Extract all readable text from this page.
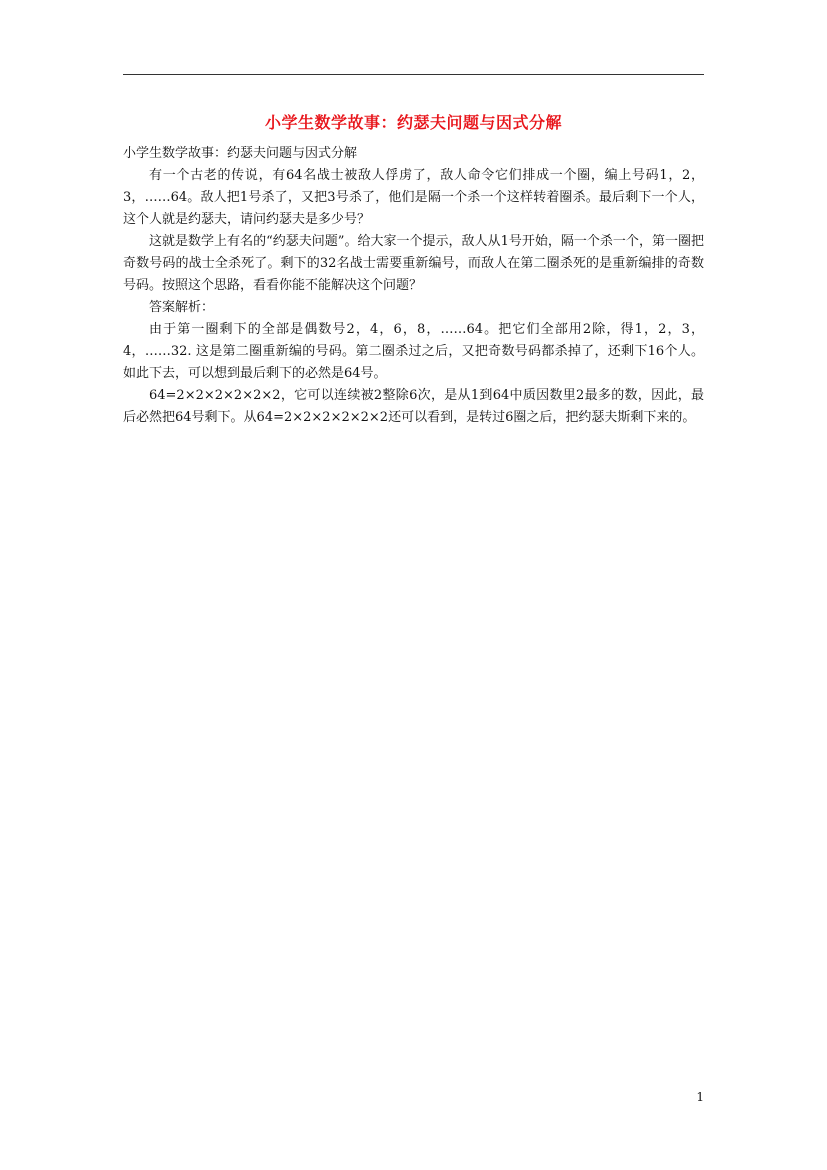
小学生数学故事：约瑟夫问题与因式分解

小学生数学故事：约瑟夫问题与因式分解

有一个古老的传说，有64名战士被敌人俘虏了，敌人命令它们排成一个圈，编上号码1，2，3，……64。敌人把1号杀了，又把3号杀了，他们是隔一个杀一个这样转着圈杀。最后剩下一个人，这个人就是约瑟夫，请问约瑟夫是多少号？

这就是数学上有名的“约瑟夫问题”。给大家一个提示，敌人从1号开始，隔一个杀一个，第一圈把奇数号码的战士全杀死了。剩下的32名战士需要重新编号，而敌人在第二圈杀死的是重新编排的奇数号码。按照这个思路，看看你能不能解决这个问题？

答案解析：

由于第一圈剩下的全部是偶数号2，4，6，8，……64。把它们全部用2除，得1，2，3，4，……32. 这是第二圈重新编的号码。第二圈杀过之后，又把奇数号码都杀掉了，还剩下16个人。如此下去，可以想到最后剩下的必然是64号。

64=2×2×2×2×2×2，它可以连续被2整除6次，是从1到64中质因数里2最多的数，因此，最后必然把64号剩下。从64=2×2×2×2×2×2还可以看到，是转过6圈之后，把约瑟夫斯剩下来的。

1
